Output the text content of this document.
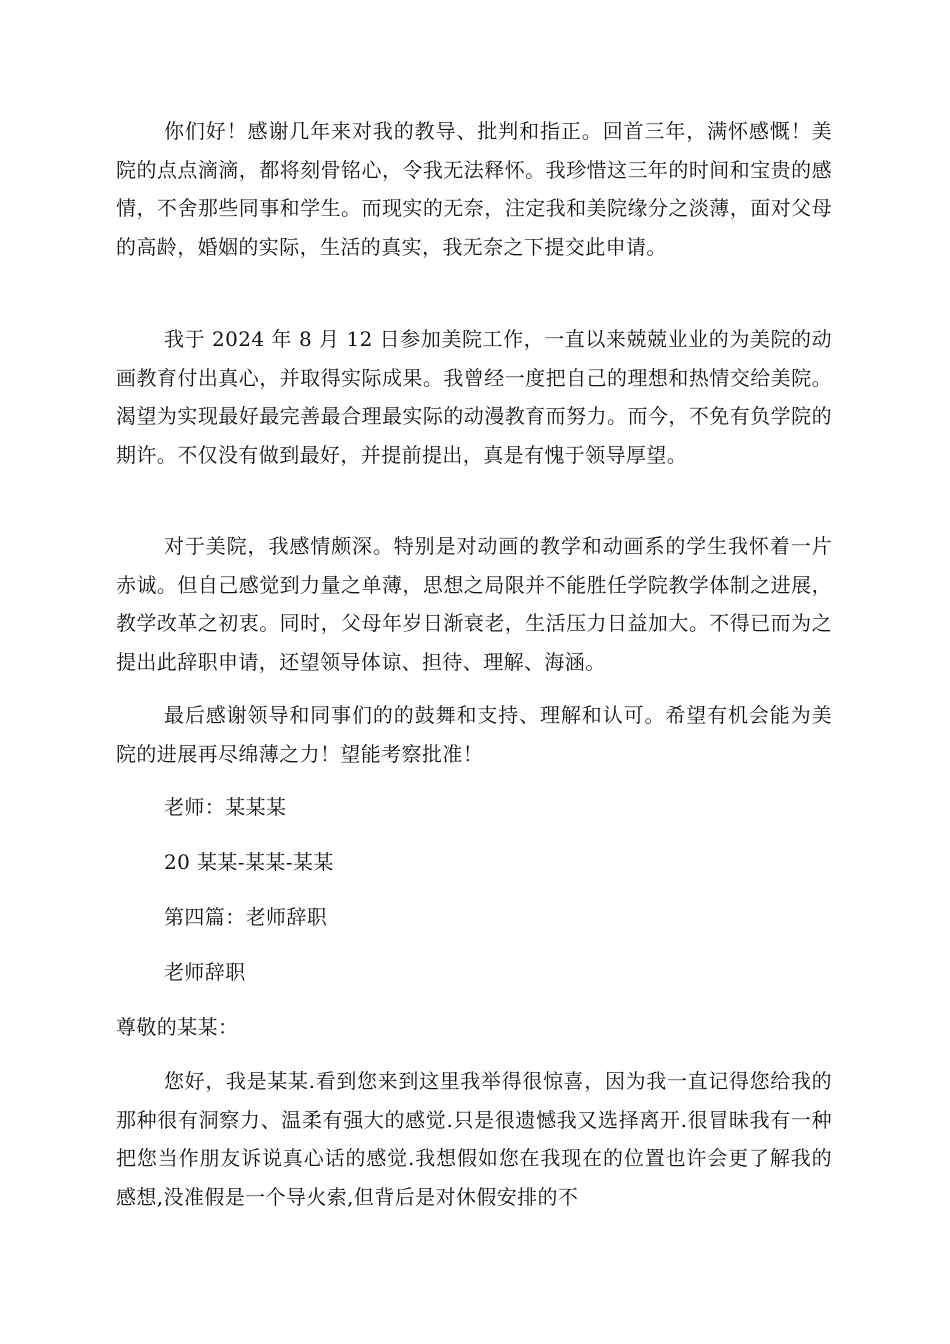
你们好！感谢几年来对我的教导、批判和指正。回首三年，满怀感慨！美院的点点滴滴，都将刻骨铭心，令我无法释怀。我珍惜这三年的时间和宝贵的感情，不舍那些同事和学生。而现实的无奈，注定我和美院缘分之淡薄，面对父母的高龄，婚姻的实际，生活的真实，我无奈之下提交此申请。

我于 2024 年 8 月 12 日参加美院工作，一直以来兢兢业业的为美院的动画教育付出真心，并取得实际成果。我曾经一度把自己的理想和热情交给美院。渴望为实现最好最完善最合理最实际的动漫教育而努力。而今，不免有负学院的期许。不仅没有做到最好，并提前提出，真是有愧于领导厚望。

对于美院，我感情颇深。特别是对动画的教学和动画系的学生我怀着一片赤诚。但自己感觉到力量之单薄，思想之局限并不能胜任学院教学体制之进展，教学改革之初衷。同时，父母年岁日渐衰老，生活压力日益加大。不得已而为之提出此辞职申请，还望领导体谅、担待、理解、海涵。

最后感谢领导和同事们的的鼓舞和支持、理解和认可。希望有机会能为美院的进展再尽绵薄之力！望能考察批准！

老师：某某某

20 某某-某某-某某

第四篇：老师辞职

老师辞职

尊敬的某某：

您好，我是某某.看到您来到这里我举得很惊喜，因为我一直记得您给我的那种很有洞察力、温柔有强大的感觉.只是很遗憾我又选择离开.很冒昧我有一种把您当作朋友诉说真心话的感觉.我想假如您在我现在的位置也许会更了解我的感想,没准假是一个导火索,但背后是对休假安排的不
